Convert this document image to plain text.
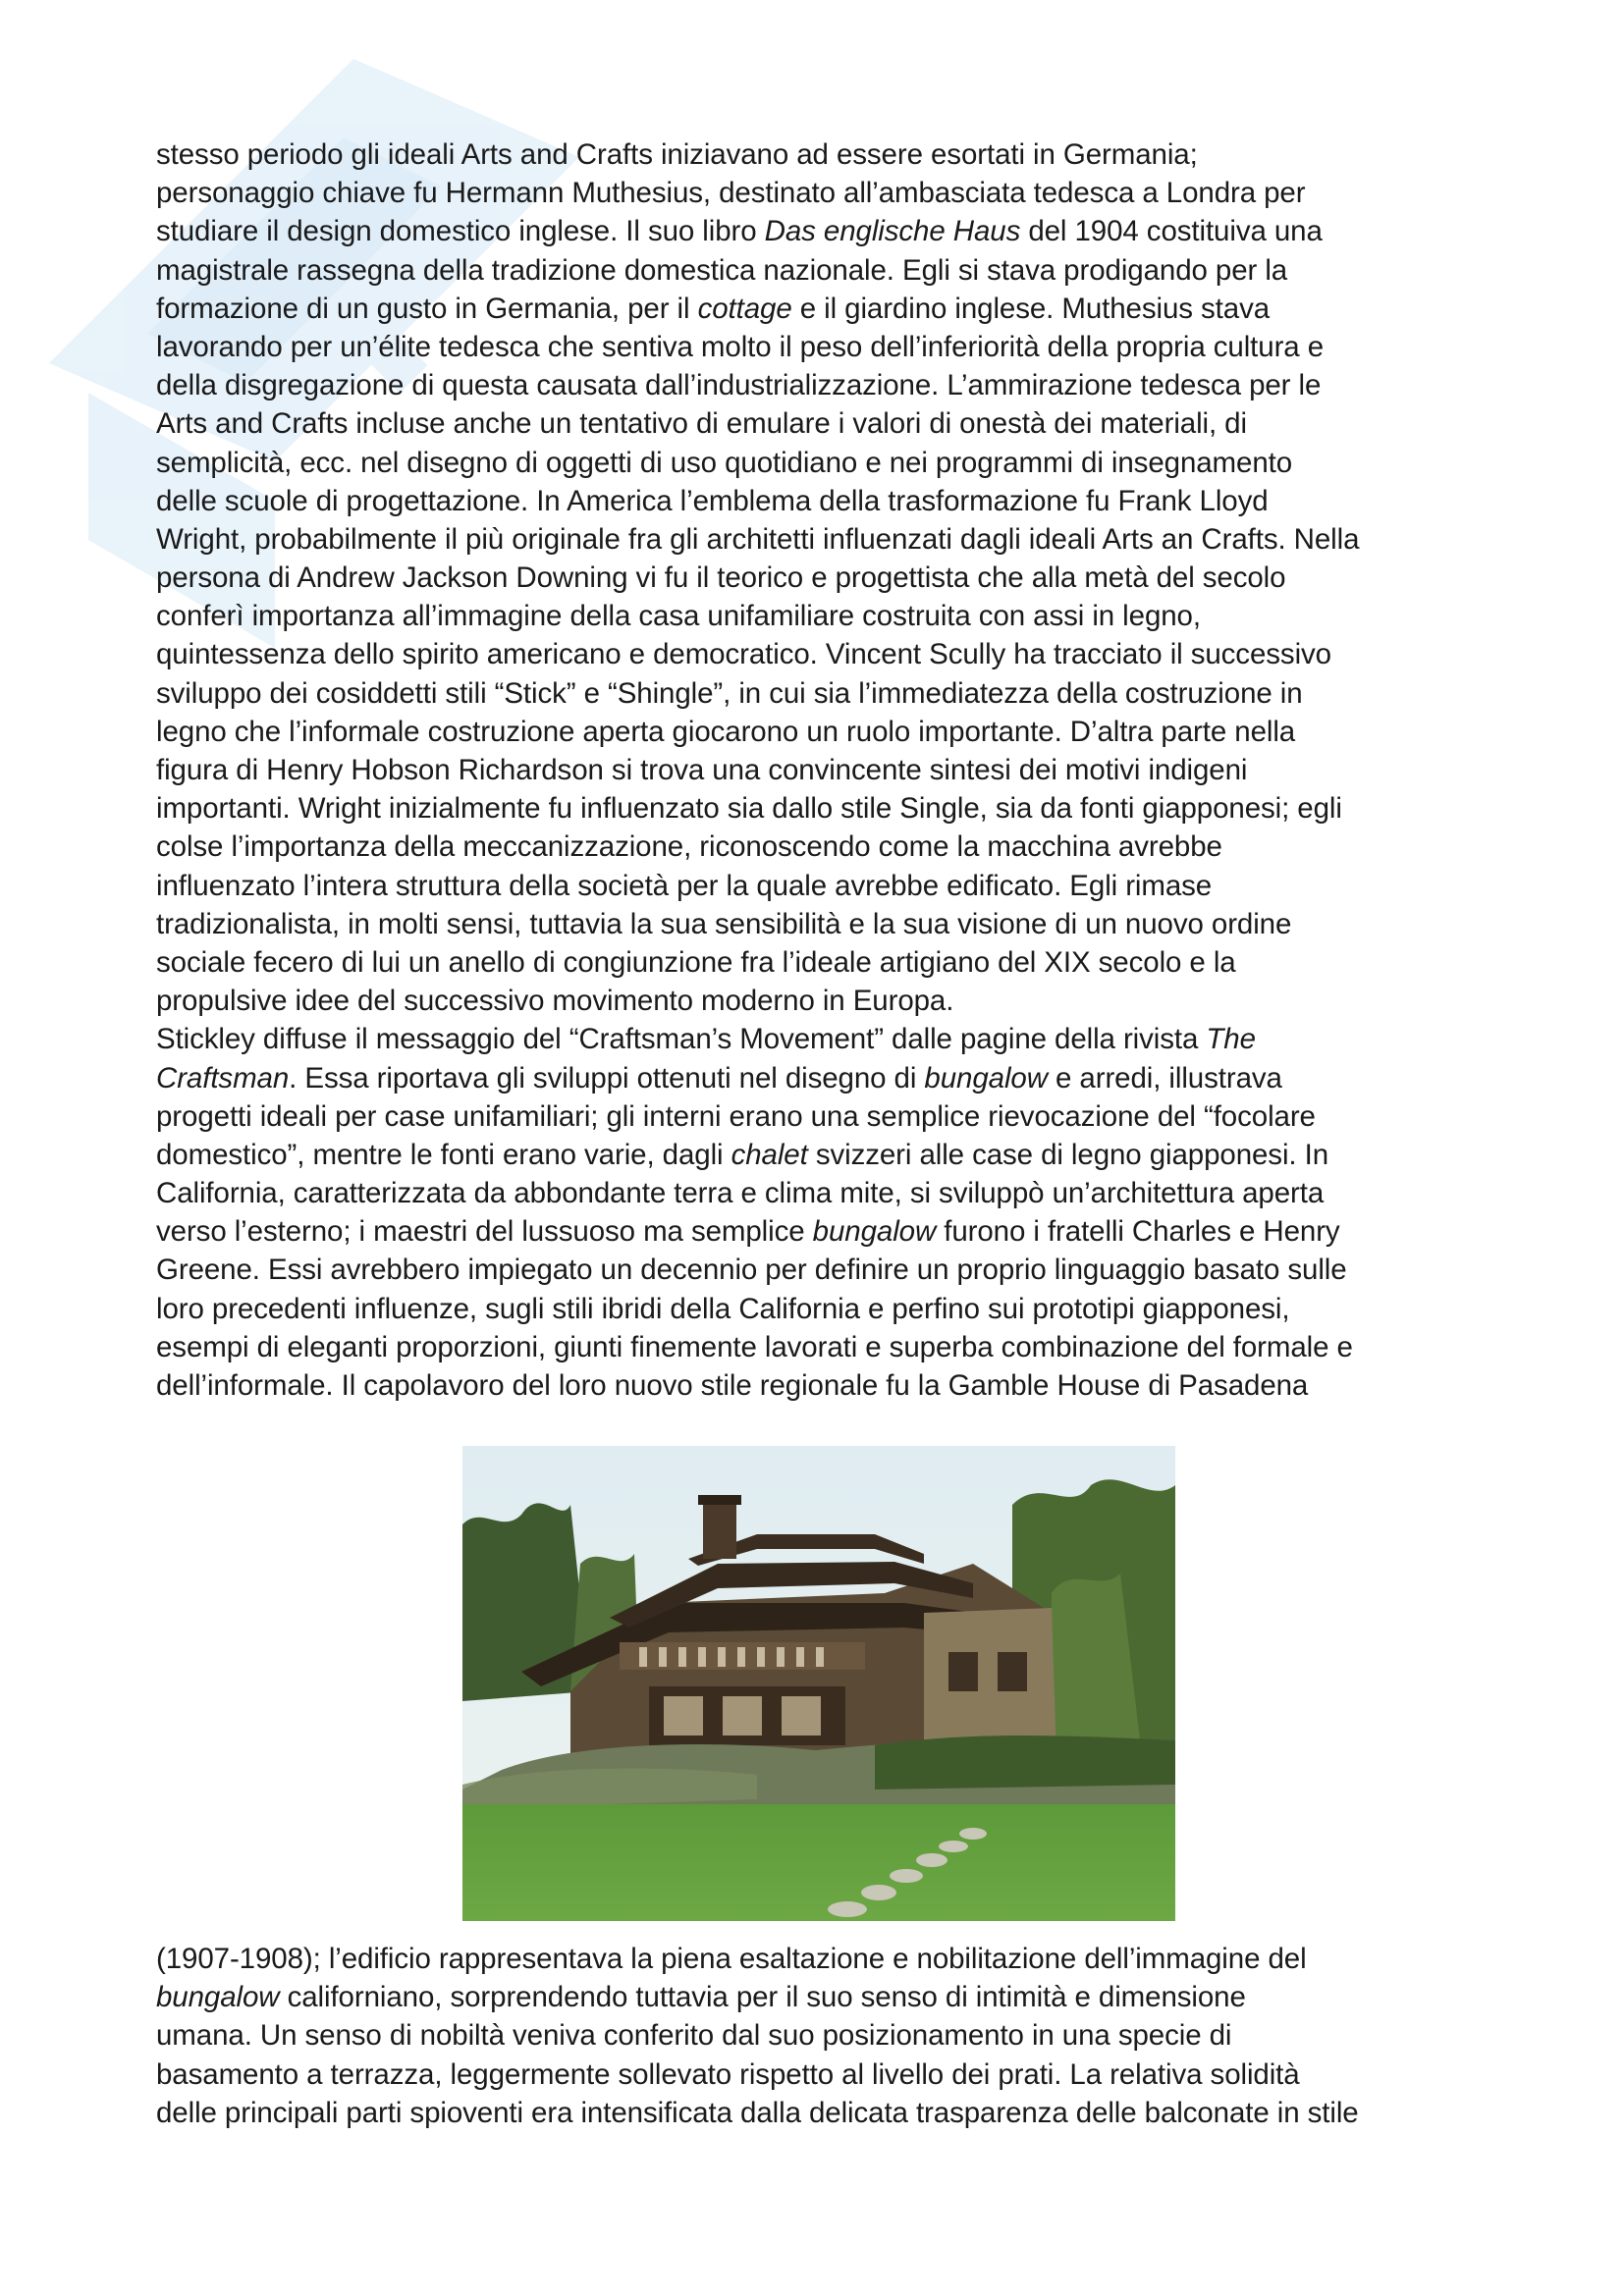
stesso periodo gli ideali Arts and Crafts iniziavano ad essere esortati in Germania;
personaggio chiave fu Hermann Muthesius, destinato all’ambasciata tedesca a Londra per
studiare il design domestico inglese. Il suo libro Das englische Haus del 1904 costituiva una
magistrale rassegna della tradizione domestica nazionale. Egli si stava prodigando per la
formazione di un gusto in Germania, per il cottage e il giardino inglese. Muthesius stava
lavorando per un’élite tedesca che sentiva molto il peso dell’inferiorità della propria cultura e
della disgregazione di questa causata dall’industrializzazione. L’ammirazione tedesca per le
Arts and Crafts incluse anche un tentativo di emulare i valori di onestà dei materiali, di
semplicità, ecc. nel disegno di oggetti di uso quotidiano e nei programmi di insegnamento
delle scuole di progettazione. In America l’emblema della trasformazione fu Frank Lloyd
Wright, probabilmente il più originale fra gli architetti influenzati dagli ideali Arts an Crafts. Nella
persona di Andrew Jackson Downing vi fu il teorico e progettista che alla metà del secolo
conferì importanza all’immagine della casa unifamiliare costruita con assi in legno,
quintessenza dello spirito americano e democratico. Vincent Scully ha tracciato il successivo
sviluppo dei cosiddetti stili “Stick” e “Shingle”, in cui sia l’immediatezza della costruzione in
legno che l’informale costruzione aperta giocarono un ruolo importante. D’altra parte nella
figura di Henry Hobson Richardson si trova una convincente sintesi dei motivi indigeni
importanti. Wright inizialmente fu influenzato sia dallo stile Single, sia da fonti giapponesi; egli
colse l’importanza della meccanizzazione, riconoscendo come la macchina avrebbe
influenzato l’intera struttura della società per la quale avrebbe edificato. Egli rimase
tradizionalista, in molti sensi, tuttavia la sua sensibilità e la sua visione di un nuovo ordine
sociale fecero di lui un anello di congiunzione fra l’ideale artigiano del XIX secolo e la
propulsive idee del successivo movimento moderno in Europa.
Stickley diffuse il messaggio del “Craftsman’s Movement” dalle pagine della rivista The
Craftsman. Essa riportava gli sviluppi ottenuti nel disegno di bungalow e arredi, illustrava
progetti ideali per case unifamiliari; gli interni erano una semplice rievocazione del “focolare
domestico”, mentre le fonti erano varie, dagli chalet svizzeri alle case di legno giapponesi. In
California, caratterizzata da abbondante terra e clima mite, si sviluppò un’architettura aperta
verso l’esterno; i maestri del lussuoso ma semplice bungalow furono i fratelli Charles e Henry
Greene. Essi avrebbero impiegato un decennio per definire un proprio linguaggio basato sulle
loro precedenti influenze, sugli stili ibridi della California e perfino sui prototipi giapponesi,
esempi di eleganti proporzioni, giunti finemente lavorati e superba combinazione del formale e
dell’informale. Il capolavoro del loro nuovo stile regionale fu la Gamble House di Pasadena
(1907-1908); l’edificio rappresentava la piena esaltazione e nobilitazione dell’immagine del
bungalow californiano, sorprendendo tuttavia per il suo senso di intimità e dimensione
umana. Un senso di nobiltà veniva conferito dal suo posizionamento in una specie di
basamento a terrazza, leggermente sollevato rispetto al livello dei prati. La relativa solidità
delle principali parti spioventi era intensificata dalla delicata trasparenza delle balconate in stile
